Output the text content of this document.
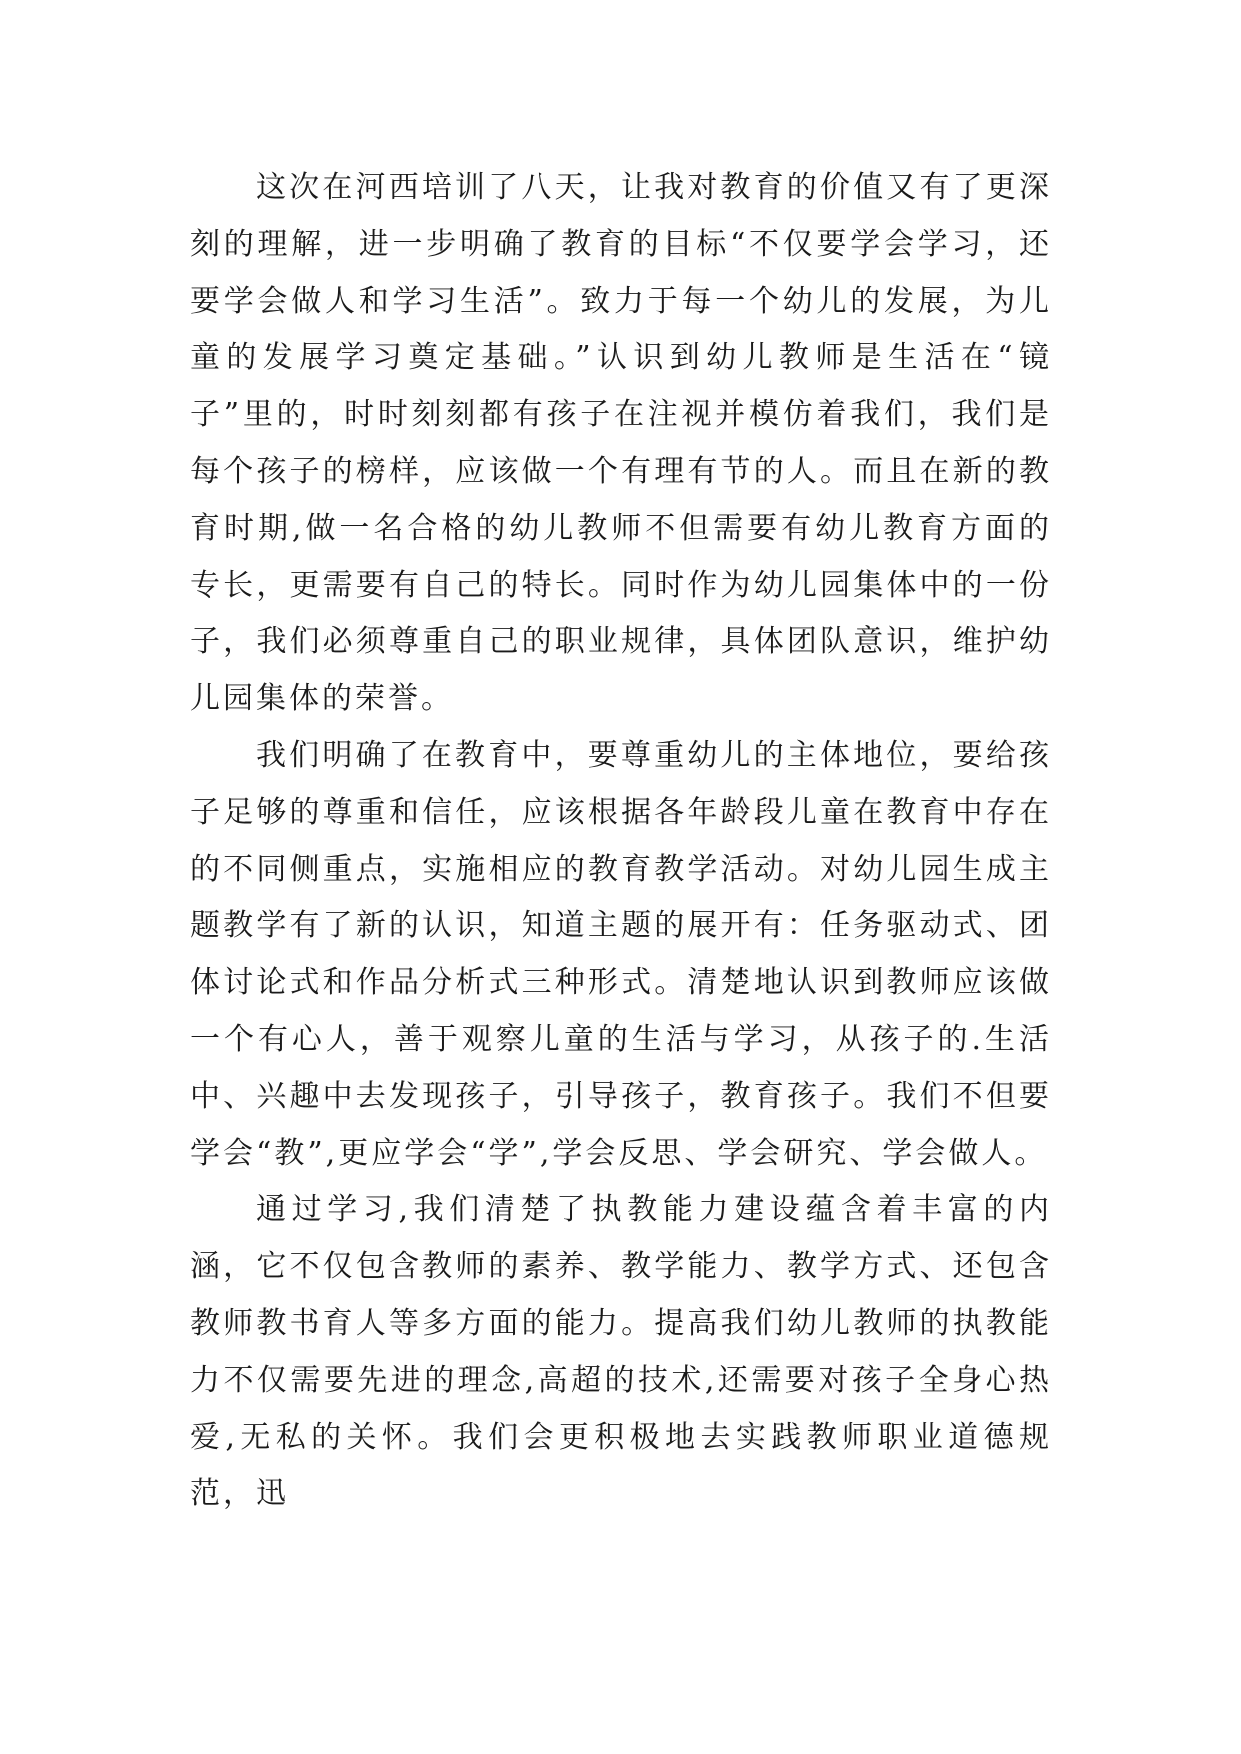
这次在河西培训了八天，让我对教育的价值又有了更深刻的理解，进一步明确了教育的目标“不仅要学会学习，还要学会做人和学习生活”。致力于每一个幼儿的发展，为儿童的发展学习奠定基础。”认识到幼儿教师是生活在“镜子”里的，时时刻刻都有孩子在注视并模仿着我们，我们是每个孩子的榜样，应该做一个有理有节的人。而且在新的教育时期,做一名合格的幼儿教师不但需要有幼儿教育方面的专长，更需要有自己的特长。同时作为幼儿园集体中的一份子，我们必须尊重自己的职业规律，具体团队意识，维护幼儿园集体的荣誉。

我们明确了在教育中，要尊重幼儿的主体地位，要给孩子足够的尊重和信任，应该根据各年龄段儿童在教育中存在的不同侧重点，实施相应的教育教学活动。对幼儿园生成主题教学有了新的认识，知道主题的展开有：任务驱动式、团体讨论式和作品分析式三种形式。清楚地认识到教师应该做一个有心人，善于观察儿童的生活与学习，从孩子的.生活中、兴趣中去发现孩子，引导孩子，教育孩子。我们不但要学会“教”,更应学会“学”,学会反思、学会研究、学会做人。

通过学习,我们清楚了执教能力建设蕴含着丰富的内涵，它不仅包含教师的素养、教学能力、教学方式、还包含教师教书育人等多方面的能力。提高我们幼儿教师的执教能力不仅需要先进的理念,高超的技术,还需要对孩子全身心热爱,无私的关怀。我们会更积极地去实践教师职业道德规范，迅
